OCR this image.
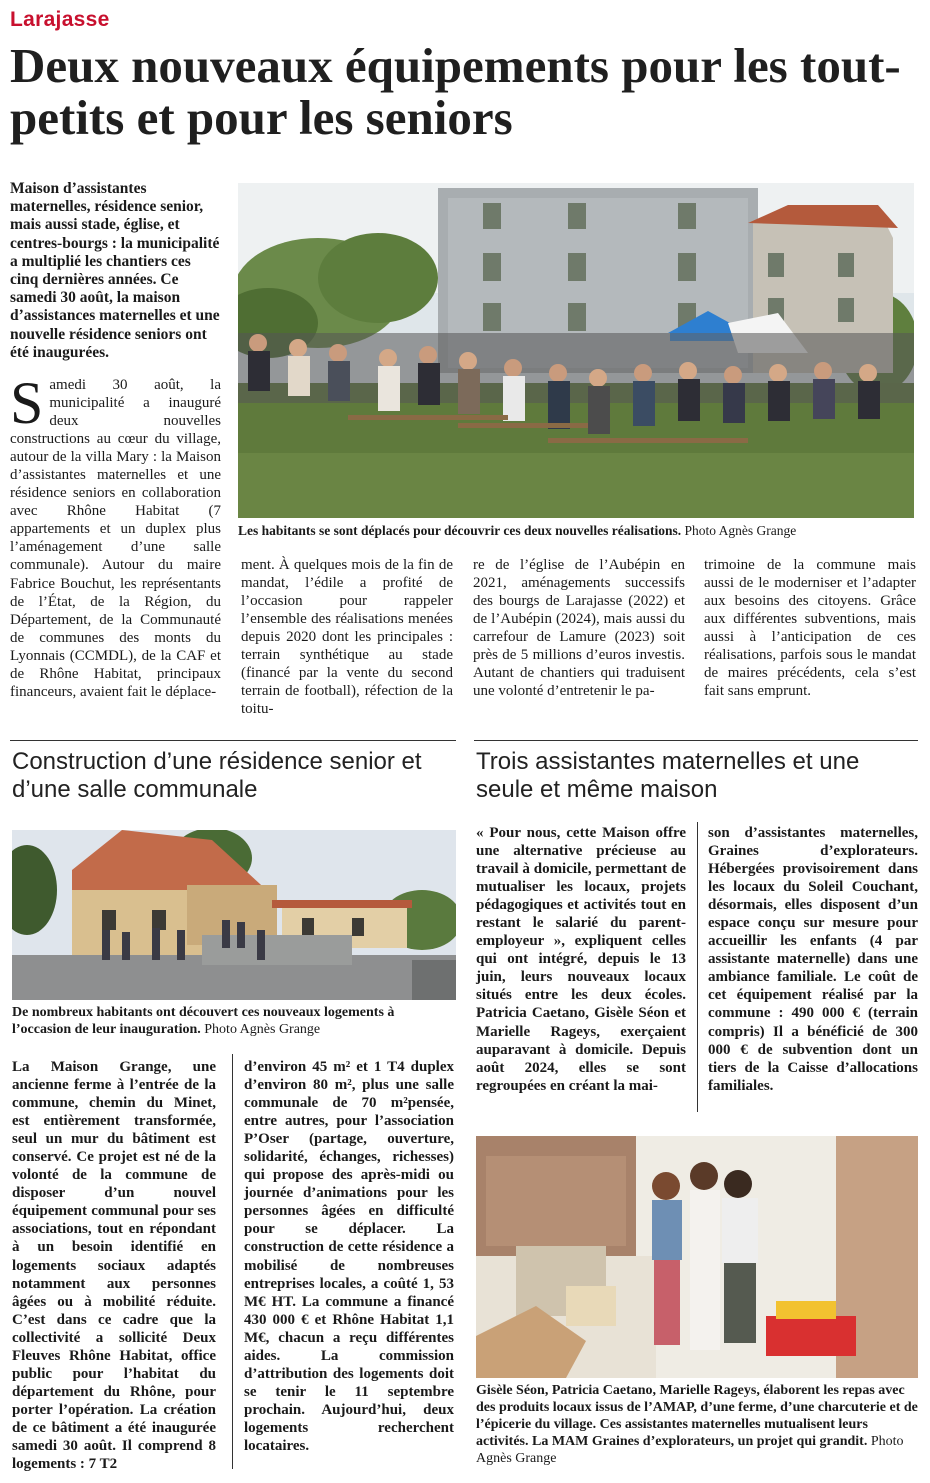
Larajasse
Deux nouveaux équipements pour les tout-petits et pour les seniors
Maison d’assistantes maternelles, résidence senior, mais aussi stade, église, et centres-bourgs : la municipalité a multiplié les chantiers ces cinq dernières années. Ce samedi 30 août, la maison d’assistances maternelles et une nouvelle résidence seniors ont été inaugurées.
Les habitants se sont déplacés pour découvrir ces deux nouvelles réalisations. Photo Agnès Grange
Samedi 30 août, la municipalité a inauguré deux nouvelles constructions au cœur du village, autour de la villa Mary : la Maison d’assistantes maternelles et une résidence seniors en collaboration avec Rhône Habitat (7 appartements et un duplex plus l’aménagement d’une salle communale). Autour du maire Fabrice Bouchut, les représentants de l’État, de la Région, du Département, de la Communauté de communes des monts du Lyonnais (CCMDL), de la CAF et de Rhône Habitat, principaux financeurs, avaient fait le déplace-
ment. À quelques mois de la fin de mandat, l’édile a profité de l’occasion pour rappeler l’ensemble des réalisations menées depuis 2020 dont les principales : terrain synthétique au stade (financé par la vente du second terrain de football), réfection de la toitu-
re de l’église de l’Aubépin en 2021, aménagements successifs des bourgs de Larajasse (2022) et de l’Aubépin (2024), mais aussi du carrefour de Lamure (2023) soit près de 5 millions d’euros investis. Autant de chantiers qui traduisent une volonté d’entretenir le pa-
trimoine de la commune mais aussi de le moderniser et l’adapter aux besoins des citoyens. Grâce aux différentes subventions, mais aussi à l’anticipation de ces réalisations, parfois sous le mandat de maires précédents, cela s’est fait sans emprunt.
Construction d’une résidence senior et d’une salle communale
De nombreux habitants ont découvert ces nouveaux logements à l’occasion de leur inauguration. Photo Agnès Grange
La Maison Grange, une ancienne ferme à l’entrée de la commune, chemin du Minet, est entièrement transformée, seul un mur du bâtiment est conservé. Ce projet est né de la volonté de la commune de disposer d’un nouvel équipement communal pour ses associations, tout en répondant à un besoin identifié en logements sociaux adaptés notamment aux personnes âgées ou à mobilité réduite. C’est dans ce cadre que la collectivité a sollicité Deux Fleuves Rhône Habitat, office public pour l’habitat du département du Rhône, pour porter l’opération. La création de ce bâtiment a été inaugurée samedi 30 août. Il comprend 8 logements : 7 T2
d’environ 45 m² et 1 T4 duplex d’environ 80 m², plus une salle communale de 70 m²pensée, entre autres, pour l’association P’Oser (partage, ouverture, solidarité, échanges, richesses) qui propose des après-midi ou journée d’animations pour les personnes âgées en difficulté pour se déplacer. La construction de cette résidence a mobilisé de nombreuses entreprises locales, a coûté 1, 53 M€ HT. La commune a financé 430 000 € et Rhône Habitat 1,1 M€, chacun a reçu différentes aides. La commission d’attribution des logements doit se tenir le 11 septembre prochain. Aujourd’hui, deux logements recherchent locataires.
Trois assistantes maternelles et une seule et même maison
« Pour nous, cette Maison offre une alternative précieuse au travail à domicile, permettant de mutualiser les locaux, projets pédagogiques et activités tout en restant le salarié du parent-employeur », expliquent celles qui ont intégré, depuis le 13 juin, leurs nouveaux locaux situés entre les deux écoles. Patricia Caetano, Gisèle Séon et Marielle Rageys, exerçaient auparavant à domicile. Depuis août 2024, elles se sont regroupées en créant la mai-
son d’assistantes maternelles, Graines d’explorateurs. Hébergées provisoirement dans les locaux du Soleil Couchant, désormais, elles disposent d’un espace conçu sur mesure pour accueillir les enfants (4 par assistante maternelle) dans une ambiance familiale. Le coût de cet équipement réalisé par la commune : 490 000 € (terrain compris) Il a bénéficié de 300 000 € de subvention dont un tiers de la Caisse d’allocations familiales.
Gisèle Séon, Patricia Caetano, Marielle Rageys, élaborent les repas avec des produits locaux issus de l’AMAP, d’une ferme, d’une charcuterie et de l’épicerie du village. Ces assistantes maternelles mutualisent leurs activités. La MAM Graines d’explorateurs, un projet qui grandit. Photo Agnès Grange
